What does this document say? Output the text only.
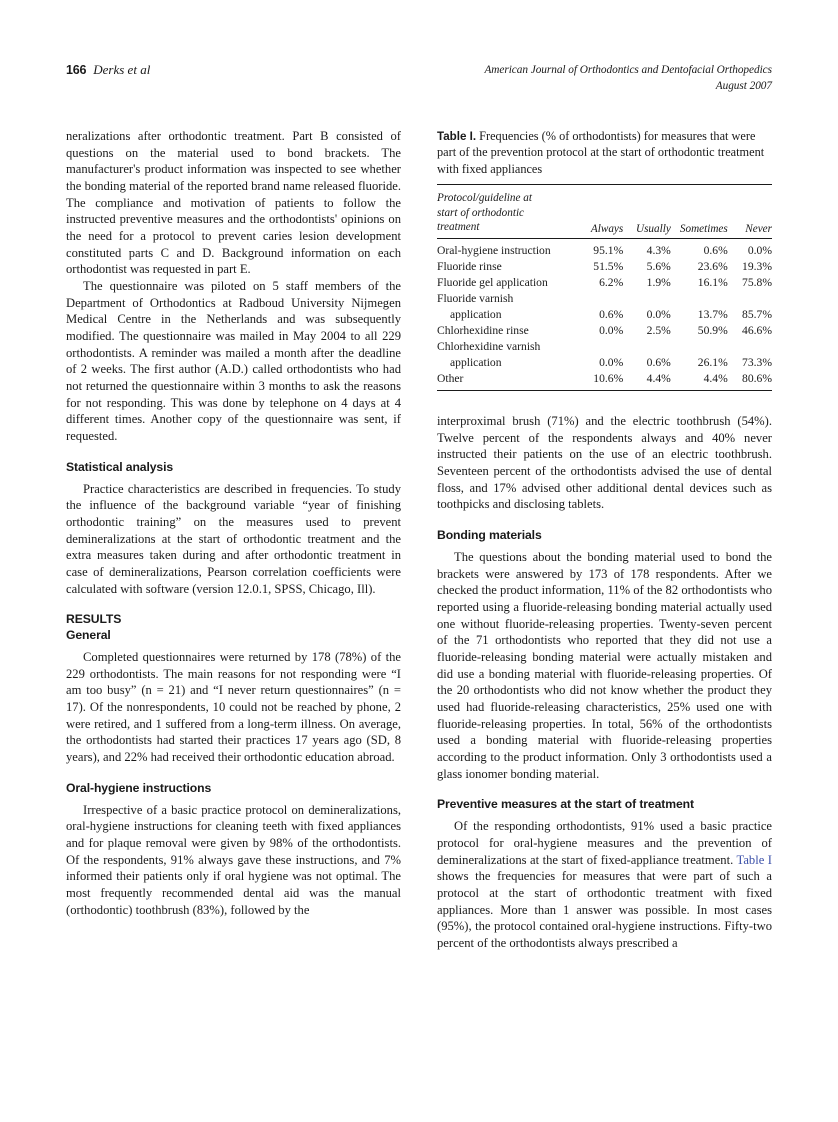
166 Derks et al	American Journal of Orthodontics and Dentofacial Orthopedics
August 2007

neralizations after orthodontic treatment. Part B consisted of questions on the material used to bond brackets. The manufacturer's product information was inspected to see whether the bonding material of the reported brand name released fluoride. The compliance and motivation of patients to follow the instructed preventive measures and the orthodontists' opinions on the need for a protocol to prevent caries lesion development constituted parts C and D. Background information on each orthodontist was requested in part E.

The questionnaire was piloted on 5 staff members of the Department of Orthodontics at Radboud University Nijmegen Medical Centre in the Netherlands and was subsequently modified. The questionnaire was mailed in May 2004 to all 229 orthodontists. A reminder was mailed a month after the deadline of 2 weeks. The first author (A.D.) called orthodontists who had not returned the questionnaire within 3 months to ask the reasons for not responding. This was done by telephone on 4 days at 4 different times. Another copy of the questionnaire was sent, if requested.

Statistical analysis

Practice characteristics are described in frequencies. To study the influence of the background variable “year of finishing orthodontic training” on the measures used to prevent demineralizations at the start of orthodontic treatment and the extra measures taken during and after orthodontic treatment in case of demineralizations, Pearson correlation coefficients were calculated with software (version 12.0.1, SPSS, Chicago, Ill).

RESULTS
General

Completed questionnaires were returned by 178 (78%) of the 229 orthodontists. The main reasons for not responding were “I am too busy” (n = 21) and “I never return questionnaires” (n = 17). Of the nonrespondents, 10 could not be reached by phone, 2 were retired, and 1 suffered from a long-term illness. On average, the orthodontists had started their practices 17 years ago (SD, 8 years), and 22% had received their orthodontic education abroad.

Oral-hygiene instructions

Irrespective of a basic practice protocol on demineralizations, oral-hygiene instructions for cleaning teeth with fixed appliances and for plaque removal were given by 98% of the orthodontists. Of the respondents, 91% always gave these instructions, and 7% informed their patients only if oral hygiene was not optimal. The most frequently recommended dental aid was the manual (orthodontic) toothbrush (83%), followed by the

Table I. Frequencies (% of orthodontists) for measures that were part of the prevention protocol at the start of orthodontic treatment with fixed appliances
Protocol/guideline at
start of orthodontic
treatment	Always	Usually	Sometimes	Never
Oral-hygiene instruction	95.1%	4.3%	0.6%	0.0%
Fluoride rinse	51.5%	5.6%	23.6%	19.3%
Fluoride gel application	6.2%	1.9%	16.1%	75.8%
Fluoride varnish				
application	0.6%	0.0%	13.7%	85.7%
Chlorhexidine rinse	0.0%	2.5%	50.9%	46.6%
Chlorhexidine varnish				
application	0.0%	0.6%	26.1%	73.3%
Other	10.6%	4.4%	4.4%	80.6%

interproximal brush (71%) and the electric toothbrush (54%). Twelve percent of the respondents always and 40% never instructed their patients on the use of an electric toothbrush. Seventeen percent of the orthodontists advised the use of dental floss, and 17% advised other additional dental devices such as toothpicks and disclosing tablets.

Bonding materials

The questions about the bonding material used to bond the brackets were answered by 173 of 178 respondents. After we checked the product information, 11% of the 82 orthodontists who reported using a fluoride-releasing bonding material actually used one without fluoride-releasing properties. Twenty-seven percent of the 71 orthodontists who reported that they did not use a fluoride-releasing bonding material were actually mistaken and did use a bonding material with fluoride-releasing properties. Of the 20 orthodontists who did not know whether the product they used had fluoride-releasing characteristics, 25% used one with fluoride-releasing properties. In total, 56% of the orthodontists used a bonding material with fluoride-releasing properties according to the product information. Only 3 orthodontists used a glass ionomer bonding material.

Preventive measures at the start of treatment

Of the responding orthodontists, 91% used a basic practice protocol for oral-hygiene measures and the prevention of demineralizations at the start of fixed-appliance treatment. Table I shows the frequencies for measures that were part of such a protocol at the start of orthodontic treatment with fixed appliances. More than 1 answer was possible. In most cases (95%), the protocol contained oral-hygiene instructions. Fifty-two percent of the orthodontists always prescribed a
